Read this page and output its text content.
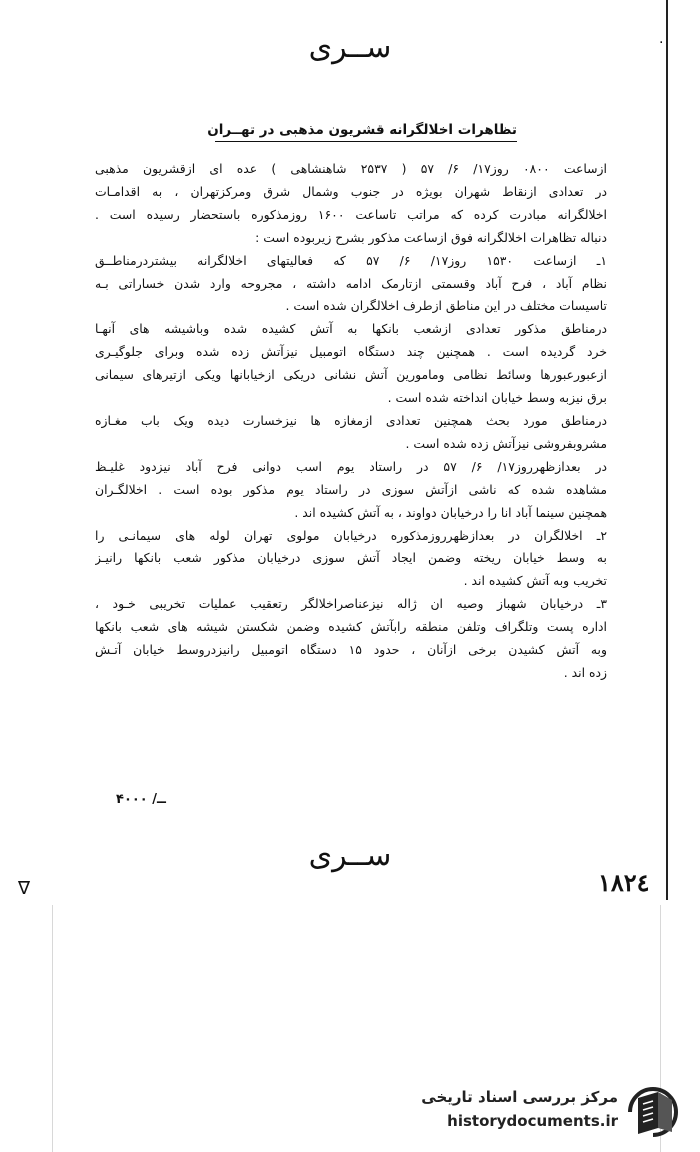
٠
ســری
تظاهرات اخلالگرانه قشریون مذهبی در تهــران
ازساعت ۰۸۰۰ روز۱۷/ ۶/ ۵۷ ( ۲۵۳۷ شاهنشاهی ) عده ای ازقشریون مذهبی
در تعدادی ازنقاط شهران بویژه در جنوب وشمال شرق ومرکزتهران ، به اقدامـات
اخلالگرانه مبادرت کرده که مراتب تاساعت ۱۶۰۰ روزمذکوره باستحضار رسیده است .
دنباله تظاهرات اخلالگرانه فوق ازساعت مذکور بشرح زیربوده است :
۱ـ ازساعت ۱۵۳۰ روز۱۷/ ۶/ ۵۷ که فعالیتهای اخلالگرانه بیشتردرمناطــق
نظام آباد ، فرح آباد وقسمتی ازتارمک ادامه داشته ، مجروحه وارد شدن خساراتی بـه
تاسیسات مختلف در این مناطق ازطرف اخلالگران شده است .
درمناطق مذکور تعدادی ازشعب بانکها به آتش کشیده شده وباشیشه های آنهـا
خرد گردیده است . همچنین چند دستگاه اتومبیل نیزآتش زده شده وبرای جلوگیـری
ازعبورعبورها وسائط نظامی ومامورین آتش نشانی دریکی ازخیابانها ویکی ازتیرهای سیمانی
برق نیزبه وسط خیابان انداخته شده است .
درمناطق مورد بحث همچنین تعدادی ازمغازه ها نیزخسارت دیده ویک باب مغـازه
مشروبفروشی نیزآتش زده شده است .
در بعدازظهرروز۱۷/ ۶/ ۵۷ در راستاد یوم اسب دوانی فرح آباد نیزدود غلیـظ
مشاهده شده که ناشی ازآتش سوزی در راستاد یوم مذکور بوده است . اخلالگـران
همچنین سینما آباد انا را درخیابان دواوند ، به آتش کشیده اند .
۲ـ اخلالگران در بعدازظهرروزمذکوره درخیابان مولوی تهران لوله های سیمانـی را
به وسط خیابان ریخته وضمن ایجاد آتش سوزی درخیابان مذکور شعب بانکها رانیـز
تخریب وبه آتش کشیده اند .
۳ـ درخیابان شهباز وصیه ان ژاله نیزعناصراخلالگر رتعقیب عملیات تخریبی خـود ،
اداره پست وتلگراف وتلفن منطقه رابآتش کشیده وضمن شکستن شیشه های شعب بانکها
وبه آتش کشیدن برخی ازآنان ، حدود ۱۵ دستگاه اتومبیل رانیزدروسط خیابان آتـش
زده اند .
۴ــ/ ۰۰۰
ســری
۱۸۲٤
∇
مرکز بررسی اسناد تاریخی
historydocuments.ir
